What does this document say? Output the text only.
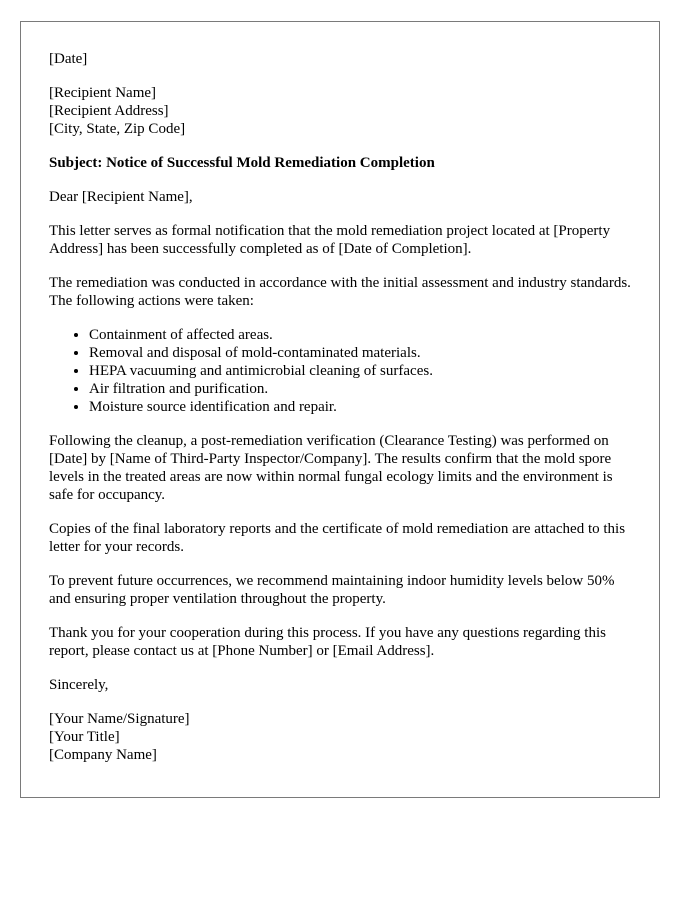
[Date]

[Recipient Name]
[Recipient Address]
[City, State, Zip Code]

Subject: Notice of Successful Mold Remediation Completion

Dear [Recipient Name],

This letter serves as formal notification that the mold remediation project located at [Property Address] has been successfully completed as of [Date of Completion].

The remediation was conducted in accordance with the initial assessment and industry standards. The following actions were taken:

• Containment of affected areas.
• Removal and disposal of mold-contaminated materials.
• HEPA vacuuming and antimicrobial cleaning of surfaces.
• Air filtration and purification.
• Moisture source identification and repair.

Following the cleanup, a post-remediation verification (Clearance Testing) was performed on [Date] by [Name of Third-Party Inspector/Company]. The results confirm that the mold spore levels in the treated areas are now within normal fungal ecology limits and the environment is safe for occupancy.

Copies of the final laboratory reports and the certificate of mold remediation are attached to this letter for your records.

To prevent future occurrences, we recommend maintaining indoor humidity levels below 50% and ensuring proper ventilation throughout the property.

Thank you for your cooperation during this process. If you have any questions regarding this report, please contact us at [Phone Number] or [Email Address].

Sincerely,

[Your Name/Signature]
[Your Title]
[Company Name]
